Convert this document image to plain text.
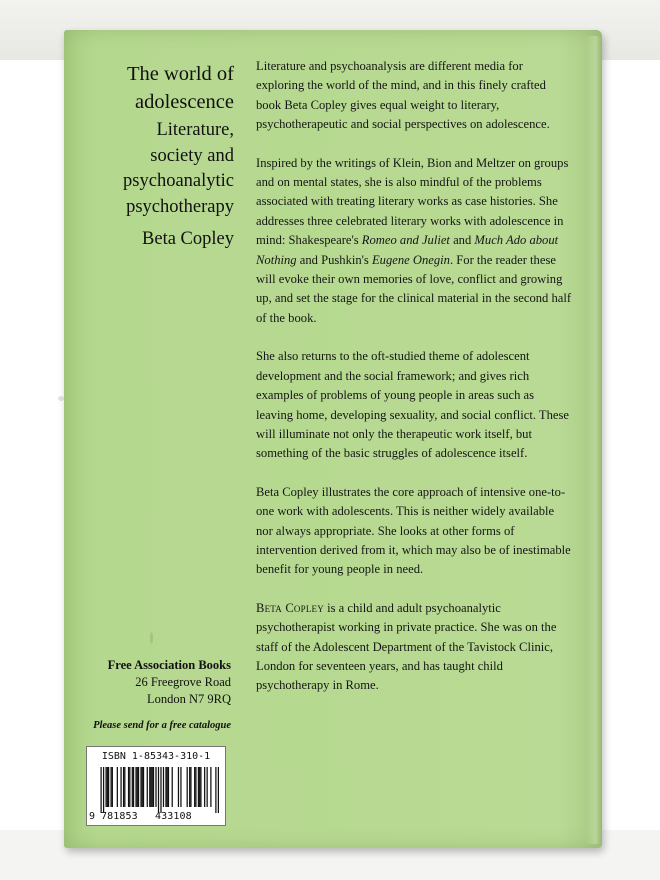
The world of
adolescence
Literature,
society and
psychoanalytic
psychotherapy
Beta Copley

Literature and psychoanalysis are different media for exploring the world of the mind, and in this finely crafted book Beta Copley gives equal weight to literary, psychotherapeutic and social perspectives on adolescence.

Inspired by the writings of Klein, Bion and Meltzer on groups and on mental states, she is also mindful of the problems associated with treating literary works as case histories. She addresses three celebrated literary works with adolescence in mind: Shakespeare's Romeo and Juliet and Much Ado about Nothing and Pushkin's Eugene Onegin. For the reader these will evoke their own memories of love, conflict and growing up, and set the stage for the clinical material in the second half of the book.

She also returns to the oft-studied theme of adolescent development and the social framework; and gives rich examples of problems of young people in areas such as leaving home, developing sexuality, and social conflict. These will illuminate not only the therapeutic work itself, but something of the basic struggles of adolescence itself.

Beta Copley illustrates the core approach of intensive one-to-one work with adolescents. This is neither widely available nor always appropriate. She looks at other forms of intervention derived from it, which may also be of inestimable benefit for young people in need.

Beta Copley is a child and adult psychoanalytic psychotherapist working in private practice. She was on the staff of the Adolescent Department of the Tavistock Clinic, London for seventeen years, and has taught child psychotherapy in Rome.

Free Association Books
26 Freegrove Road
London N7 9RQ
Please send for a free catalogue
ISBN 1-85343-310-1
9 781853 433108
